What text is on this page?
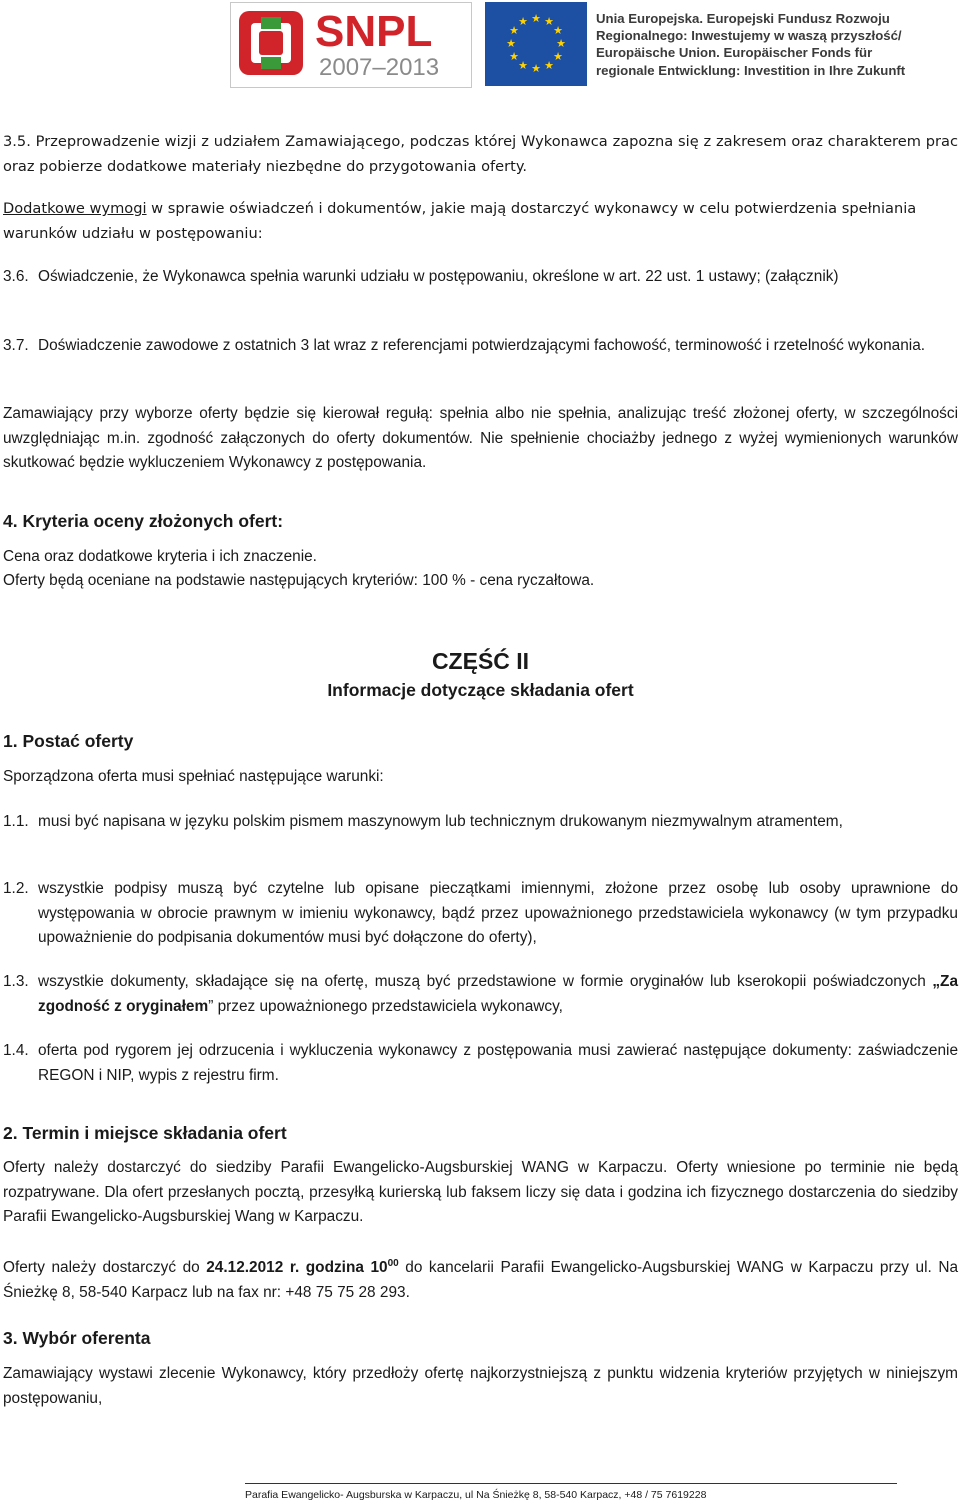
SNPL
2007–2013
★ ★
★
★
★
★
★
★
★
★
★
★	Unia Europejska. Europejski Fundusz Rozwoju
Regionalnego: Inwestujemy w waszą przyszłość/
Europäische Union. Europäischer Fonds für
regionale Entwicklung: Investition in Ihre Zukunft

3.5. Przeprowadzenie wizji z udziałem Zamawiającego, podczas której Wykonawca zapozna się z zakresem oraz charakterem prac oraz pobierze dodatkowe materiały niezbędne do przygotowania oferty.

Dodatkowe wymogi w sprawie oświadczeń i dokumentów, jakie mają dostarczyć wykonawcy w celu potwierdzenia spełniania warunków udziału w postępowaniu:

3.6. Oświadczenie, że Wykonawca spełnia warunki udziału w postępowaniu, określone w art. 22 ust. 1 ustawy; (załącznik)

3.7. Doświadczenie zawodowe z ostatnich 3 lat wraz z referencjami potwierdzającymi fachowość, terminowość i rzetelność wykonania.

Zamawiający przy wyborze oferty będzie się kierował regułą: spełnia albo nie spełnia, analizując treść złożonej oferty, w szczególności uwzględniając m.in. zgodność załączonych do oferty dokumentów. Nie spełnienie chociażby jednego z wyżej wymienionych warunków skutkować będzie wykluczeniem Wykonawcy z postępowania.

4. Kryteria oceny złożonych ofert:

Cena oraz dodatkowe kryteria i ich znaczenie.

Oferty będą oceniane na podstawie następujących kryteriów: 100 % - cena ryczałtowa.

CZĘŚĆ II

Informacje dotyczące składania ofert

1. Postać oferty

Sporządzona oferta musi spełniać następujące warunki:

1.1. musi być napisana w języku polskim pismem maszynowym lub technicznym drukowanym niezmywalnym atramentem,

1.2. wszystkie podpisy muszą być czytelne lub opisane pieczątkami imiennymi, złożone przez osobę lub osoby uprawnione do występowania w obrocie prawnym w imieniu wykonawcy, bądź przez upoważnionego przedstawiciela wykonawcy (w tym przypadku upoważnienie do podpisania dokumentów musi być dołączone do oferty),

1.3. wszystkie dokumenty, składające się na ofertę, muszą być przedstawione w formie oryginałów lub kserokopii poświadczonych „Za zgodność z oryginałem” przez upoważnionego przedstawiciela wykonawcy,

1.4. oferta pod rygorem jej odrzucenia i wykluczenia wykonawcy z postępowania musi zawierać następujące dokumenty: zaświadczenie REGON i NIP, wypis z rejestru firm.

2. Termin i miejsce składania ofert

Oferty należy dostarczyć do siedziby Parafii Ewangelicko-Augsburskiej WANG w Karpaczu. Oferty wniesione po terminie nie będą rozpatrywane. Dla ofert przesłanych pocztą, przesyłką kurierską lub faksem liczy się data i godzina ich fizycznego dostarczenia do siedziby Parafii Ewangelicko-Augsburskiej Wang w Karpaczu.

Oferty należy dostarczyć do 24.12.2012 r. godzina $10^{00}$ do kancelarii Parafii Ewangelicko-Augsburskiej WANG w Karpaczu przy ul. Na Śnieżkę 8, 58-540 Karpacz lub na fax nr: +48 75 75 28 293.

3. Wybór oferenta

Zamawiający wystawi zlecenie Wykonawcy, który przedłoży ofertę najkorzystniejszą z punktu widzenia kryteriów przyjętych w niniejszym postępowaniu,

Parafia Ewangelicko- Augsburska w Karpaczu, ul Na Śnieżkę 8, 58-540 Karpacz, +48 / 75 7619228
